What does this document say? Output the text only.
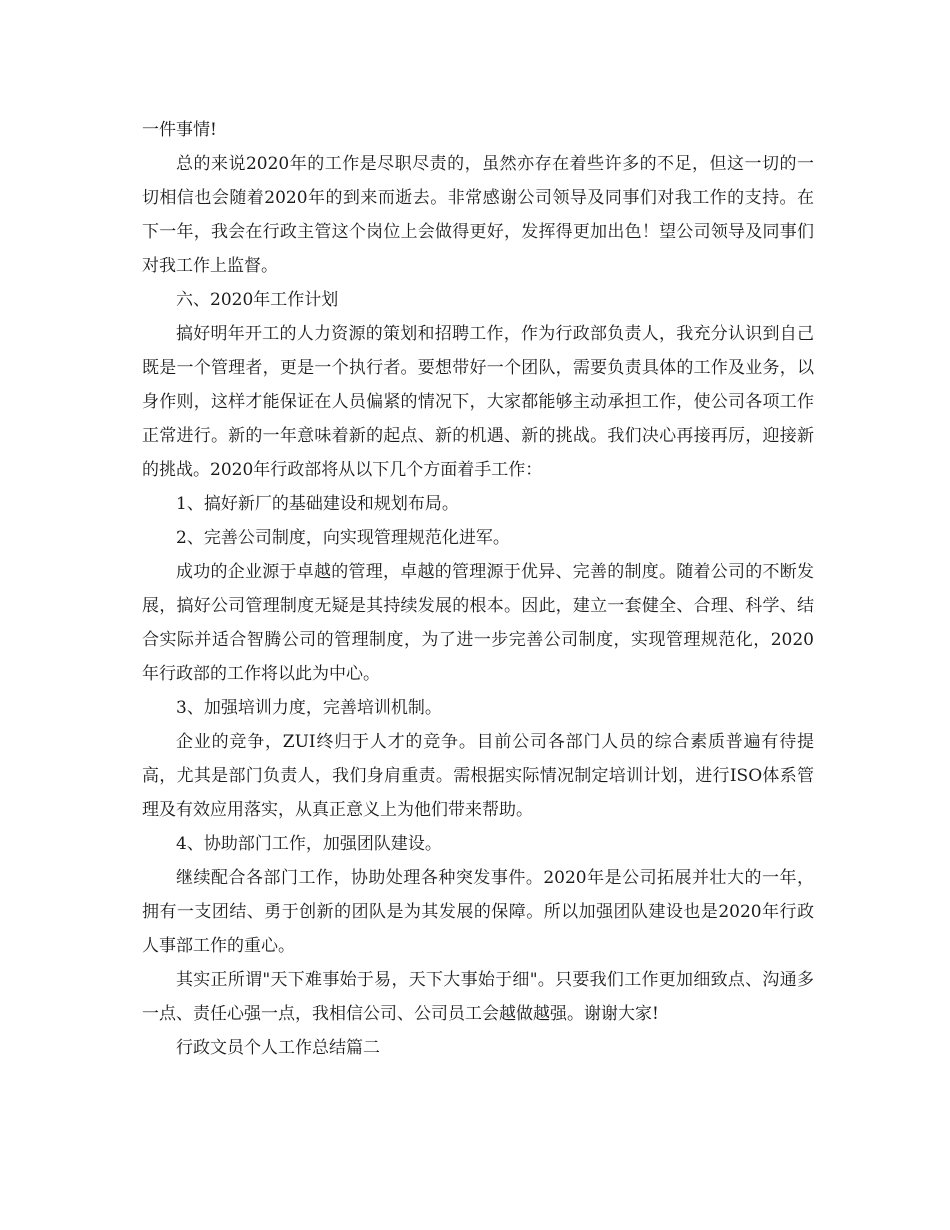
一件事情!

总的来说2020年的工作是尽职尽责的，虽然亦存在着些许多的不足，但这一切的一切相信也会随着2020年的到来而逝去。非常感谢公司领导及同事们对我工作的支持。在下一年，我会在行政主管这个岗位上会做得更好，发挥得更加出色！望公司领导及同事们对我工作上监督。

六、2020年工作计划

搞好明年开工的人力资源的策划和招聘工作，作为行政部负责人，我充分认识到自己既是一个管理者，更是一个执行者。要想带好一个团队，需要负责具体的工作及业务，以身作则，这样才能保证在人员偏紧的情况下，大家都能够主动承担工作，使公司各项工作正常进行。新的一年意味着新的起点、新的机遇、新的挑战。我们决心再接再厉，迎接新的挑战。2020年行政部将从以下几个方面着手工作：

1、搞好新厂的基础建设和规划布局。

2、完善公司制度，向实现管理规范化进军。

成功的企业源于卓越的管理，卓越的管理源于优异、完善的制度。随着公司的不断发展，搞好公司管理制度无疑是其持续发展的根本。因此，建立一套健全、合理、科学、结合实际并适合智腾公司的管理制度，为了进一步完善公司制度，实现管理规范化，2020年行政部的工作将以此为中心。

3、加强培训力度，完善培训机制。

企业的竞争，ZUI终归于人才的竞争。目前公司各部门人员的综合素质普遍有待提高，尤其是部门负责人，我们身肩重责。需根据实际情况制定培训计划，进行ISO体系管理及有效应用落实，从真正意义上为他们带来帮助。

4、协助部门工作，加强团队建设。

继续配合各部门工作，协助处理各种突发事件。2020年是公司拓展并壮大的一年，拥有一支团结、勇于创新的团队是为其发展的保障。所以加强团队建设也是2020年行政人事部工作的重心。

其实正所谓"天下难事始于易，天下大事始于细"。只要我们工作更加细致点、沟通多一点、责任心强一点，我相信公司、公司员工会越做越强。谢谢大家!

行政文员个人工作总结篇二
